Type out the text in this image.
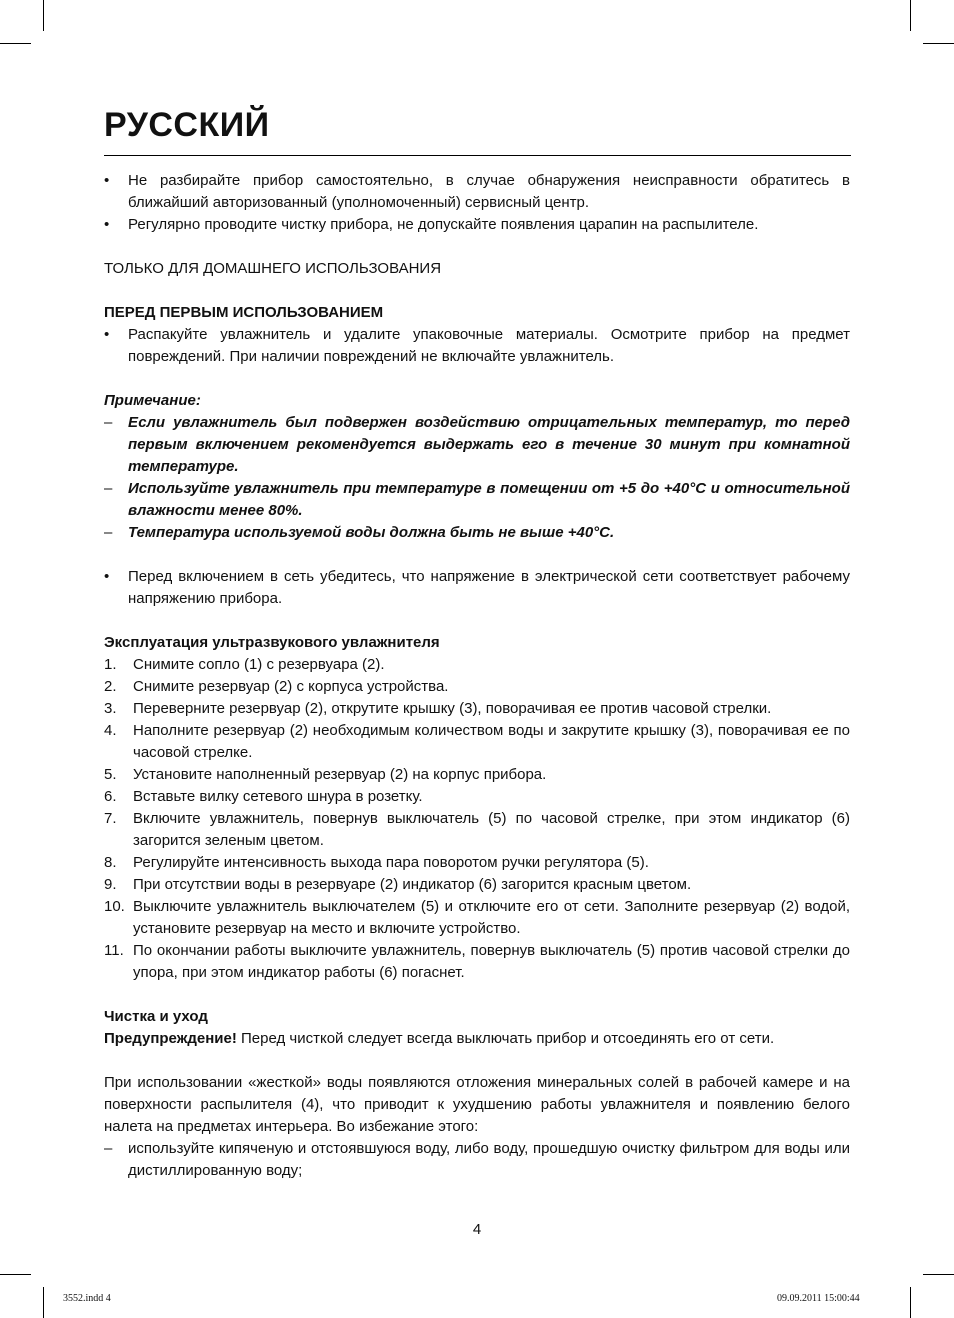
РУССКИЙ
• Не разбирайте прибор самостоятельно, в случае обнаружения неисправности обратитесь в ближайший авторизованный (уполномоченный) сервисный центр.
• Регулярно проводите чистку прибора, не допускайте появления царапин на распылителе.

ТОЛЬКО ДЛЯ ДОМАШНЕГО ИСПОЛЬЗОВАНИЯ

ПЕРЕД ПЕРВЫМ ИСПОЛЬЗОВАНИЕМ

• Распакуйте увлажнитель и удалите упаковочные материалы. Осмотрите прибор на предмет повреждений. При наличии повреждений не включайте увлажнитель.

Примечание:

– Если увлажнитель был подвержен воздействию отрицательных температур, то перед первым включением рекомендуется выдержать его в течение 30 минут при комнатной температуре.
– Используйте увлажнитель при температуре в помещении от +5 до +40°С и относительной влажности менее 80%.
– Температура используемой воды должна быть не выше +40°С.
• Перед включением в сеть убедитесь, что напряжение в электрической сети соответствует рабочему напряжению прибора.

Эксплуатация ультразвукового увлажнителя

1.	Снимите сопло (1) с резервуара (2).
2.	Снимите резервуар (2) с корпуса устройства.
3.	Переверните резервуар (2), открутите крышку (3), поворачивая ее против часовой стрелки.
4.	Наполните резервуар (2) необходимым количеством воды и закрутите крышку (3), поворачивая ее по часовой стрелке.
5.	Установите наполненный резервуар (2) на корпус прибора.
6.	Вставьте вилку сетевого шнура в розетку.
7.	Включите увлажнитель, повернув выключатель (5) по часовой стрелке, при этом индикатор (6) загорится зеленым цветом.
8.	Регулируйте интенсивность выхода пара поворотом ручки регулятора (5).
9.	При отсутствии воды в резервуаре (2) индикатор (6) загорится красным цветом.
10. Выключите увлажнитель выключателем (5) и отключите его от сети. Заполните резервуар (2) водой, установите резервуар на место и включите устройство.
11. По окончании работы выключите увлажнитель, повернув выключатель (5) против часовой стрелки до упора, при этом индикатор работы (6) погаснет.

Чистка и уход

Предупреждение! Перед чисткой следует всегда выключать прибор и отсоединять его от сети.

При использовании «жесткой» воды появляются отложения минеральных солей в рабочей камере и на поверхности распылителя (4), что приводит к ухудшению работы увлажнителя и появлению белого налета на предметах интерьера. Во избежание этого:

– используйте кипяченую и отстоявшуюся воду, либо воду, прошедшую очистку фильтром для воды или дистиллированную воду;
4
3552.indd 4	09.09.2011 15:00:44
